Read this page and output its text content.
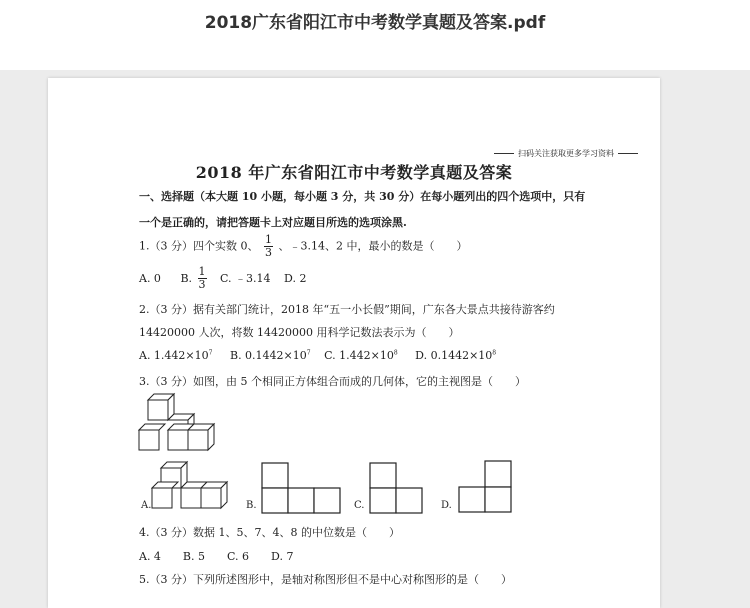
2018广东省阳江市中考数学真题及答案.pdf
扫码关注获取更多学习资料
2018 年广东省阳江市中考数学真题及答案
一、选择题（本大题 10 小题，每小题 3 分，共 30 分）在每小题列出的四个选项中，只有
一个是正确的，请把答题卡上对应题目所选的选项涂黑.
1.（3 分）四个实数 0、 $\frac{1}{3}$ 、﹣3.14、2 中，最小的数是（　　）
A. 0 B. $\frac{1}{3} C$. ﹣3.14 D. 2
2.（3 分）据有关部门统计，2018 年“五一小长假”期间，广东各大景点共接待游客约
14420000 人次，将数 14420000 用科学记数法表示为（　　）
A. $1.442\times 10^7$ B. $0.1442\times 10^7$ C. $1.442\times 10^8$ D. $0.1442\times 10^8$
3.（3 分）如图，由 5 个相同正方体组合而成的几何体，它的主视图是（　　）
A.	B.	C.	D.
4.（3 分）数据 1、5、7、4、8 的中位数是（　　）
A. 4　　B. 5　　C. 6　　D. 7
5.（3 分）下列所述图形中，是轴对称图形但不是中心对称图形的是（　　）
